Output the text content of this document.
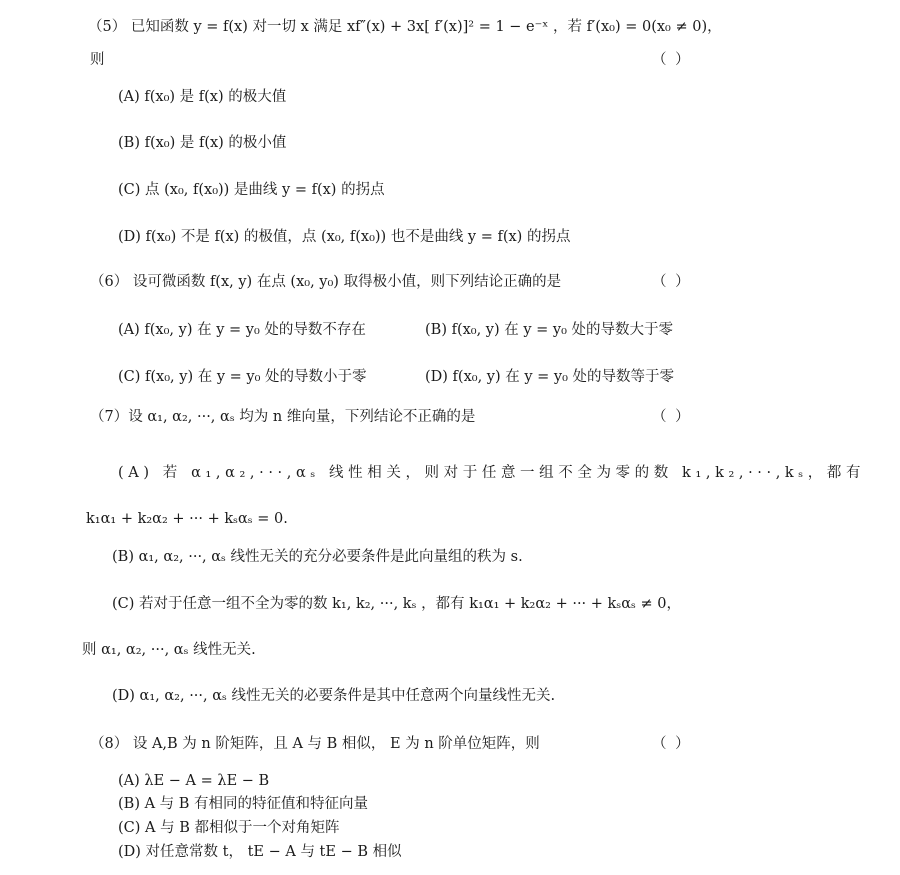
（5） 已知函数 y = f(x) 对一切 x 满足 xf″(x) + 3x[ f′(x)]² = 1 − e⁻ˣ ，若 f′(x₀) = 0(x₀ ≠ 0)，
则	（ ）
(A) f(x₀) 是 f(x) 的极大值
(B) f(x₀) 是 f(x) 的极小值
(C) 点 (x₀, f(x₀)) 是曲线 y = f(x) 的拐点
(D) f(x₀) 不是 f(x) 的极值，点 (x₀, f(x₀)) 也不是曲线 y = f(x) 的拐点
（6） 设可微函数 f(x, y) 在点 (x₀, y₀) 取得极小值，则下列结论正确的是	（ ）
(A) f(x₀, y) 在 y = y₀ 处的导数不存在	(B) f(x₀, y) 在 y = y₀ 处的导数大于零
(C) f(x₀, y) 在 y = y₀ 处的导数小于零	(D) f(x₀, y) 在 y = y₀ 处的导数等于零
（7）设 α₁, α₂, ···, αₛ 均为 n 维向量，下列结论不正确的是	（ ）
(A) 若 α₁,α₂,···,αₛ 线性相关，则对于任意一组不全为零的数 k₁,k₂,···,kₛ，都有
k₁α₁ + k₂α₂ + ··· + kₛαₛ = 0.
(B) α₁, α₂, ···, αₛ 线性无关的充分必要条件是此向量组的秩为 s.
(C) 若对于任意一组不全为零的数 k₁, k₂, ···, kₛ ，都有 k₁α₁ + k₂α₂ + ··· + kₛαₛ ≠ 0，
则 α₁, α₂, ···, αₛ 线性无关.
(D) α₁, α₂, ···, αₛ 线性无关的必要条件是其中任意两个向量线性无关.
（8） 设 A,B 为 n 阶矩阵，且 A 与 B 相似， E 为 n 阶单位矩阵，则	（ ）
(A) λE − A = λE − B
(B) A 与 B 有相同的特征值和特征向量
(C) A 与 B 都相似于一个对角矩阵
(D) 对任意常数 t， tE − A 与 tE − B 相似
